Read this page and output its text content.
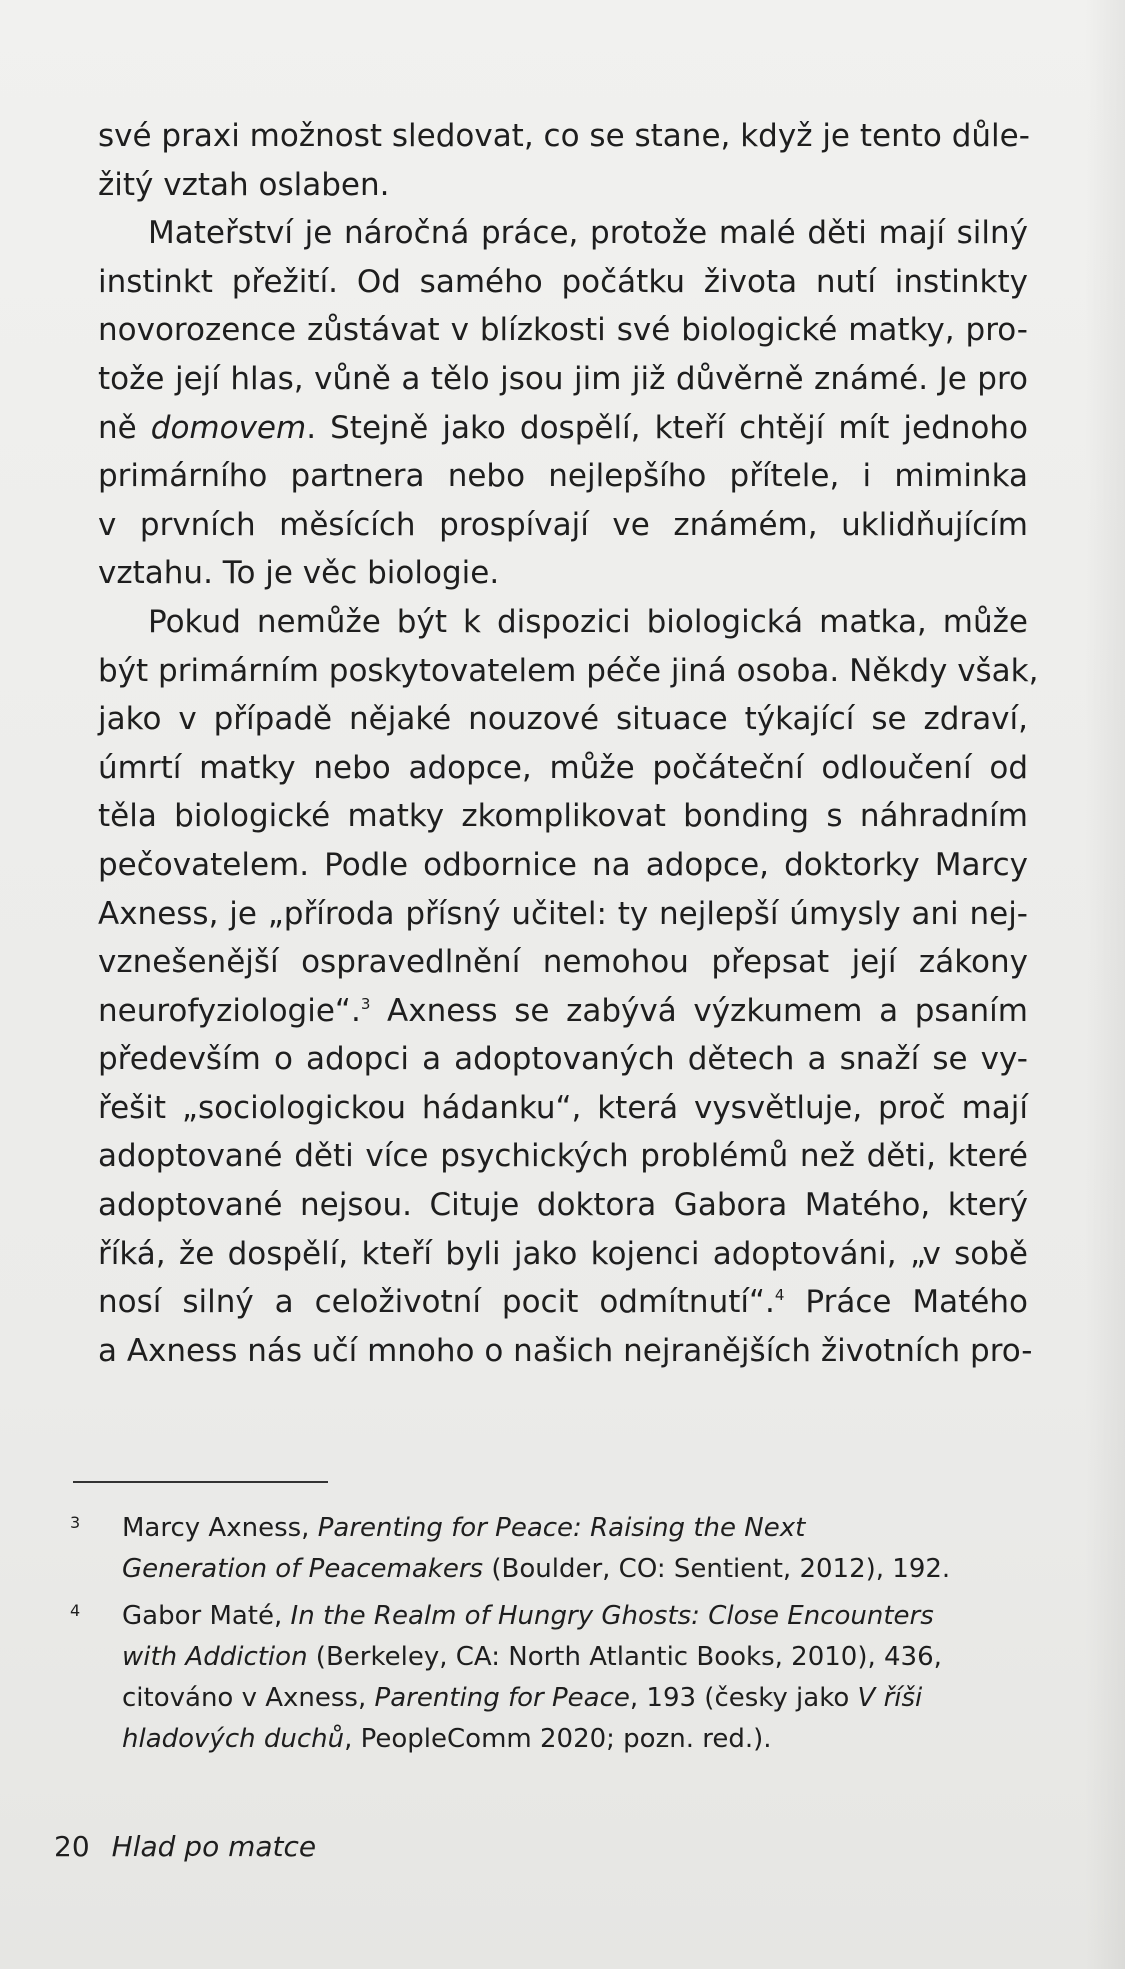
své praxi možnost sledovat, co se stane, když je tento důle-
žitý vztah oslaben.
Mateřství je náročná práce, protože malé děti mají silný
instinkt přežití. Od samého počátku života nutí instinkty
novorozence zůstávat v blízkosti své biologické matky, pro-
tože její hlas, vůně a tělo jsou jim již důvěrně známé. Je pro
ně domovem. Stejně jako dospělí, kteří chtějí mít jednoho
primárního partnera nebo nejlepšího přítele, i miminka
v prvních měsících prospívají ve známém, uklidňujícím
vztahu. To je věc biologie.
Pokud nemůže být k dispozici biologická matka, může
být primárním poskytovatelem péče jiná osoba. Někdy však,
jako v případě nějaké nouzové situace týkající se zdraví,
úmrtí matky nebo adopce, může počáteční odloučení od
těla biologické matky zkomplikovat bonding s náhradním
pečovatelem. Podle odbornice na adopce, doktorky Marcy
Axness, je „příroda přísný učitel: ty nejlepší úmysly ani nej-
vznešenější ospravedlnění nemohou přepsat její zákony
neurofyziologie“.$^3$ Axness se zabývá výzkumem a psaním
především o adopci a adoptovaných dětech a snaží se vy-
řešit „sociologickou hádanku“, která vysvětluje, proč mají
adoptované děti více psychických problémů než děti, které
adoptované nejsou. Cituje doktora Gabora Matého, který
říká, že dospělí, kteří byli jako kojenci adoptováni, „v sobě
nosí silný a celoživotní pocit odmítnutí“.$^4$ Práce Matého
a Axness nás učí mnoho o našich nejranějších životních pro-
3 Marcy Axness, Parenting for Peace: Raising the Next
Generation of Peacemakers (Boulder, CO: Sentient, 2012), 192.
4 Gabor Maté, In the Realm of Hungry Ghosts: Close Encounters
with Addiction (Berkeley, CA: North Atlantic Books, 2010), 436,
citováno v Axness, Parenting for Peace, 193 (česky jako V říši
hladových duchů, PeopleComm 2020; pozn. red.).
20 Hlad po matce
